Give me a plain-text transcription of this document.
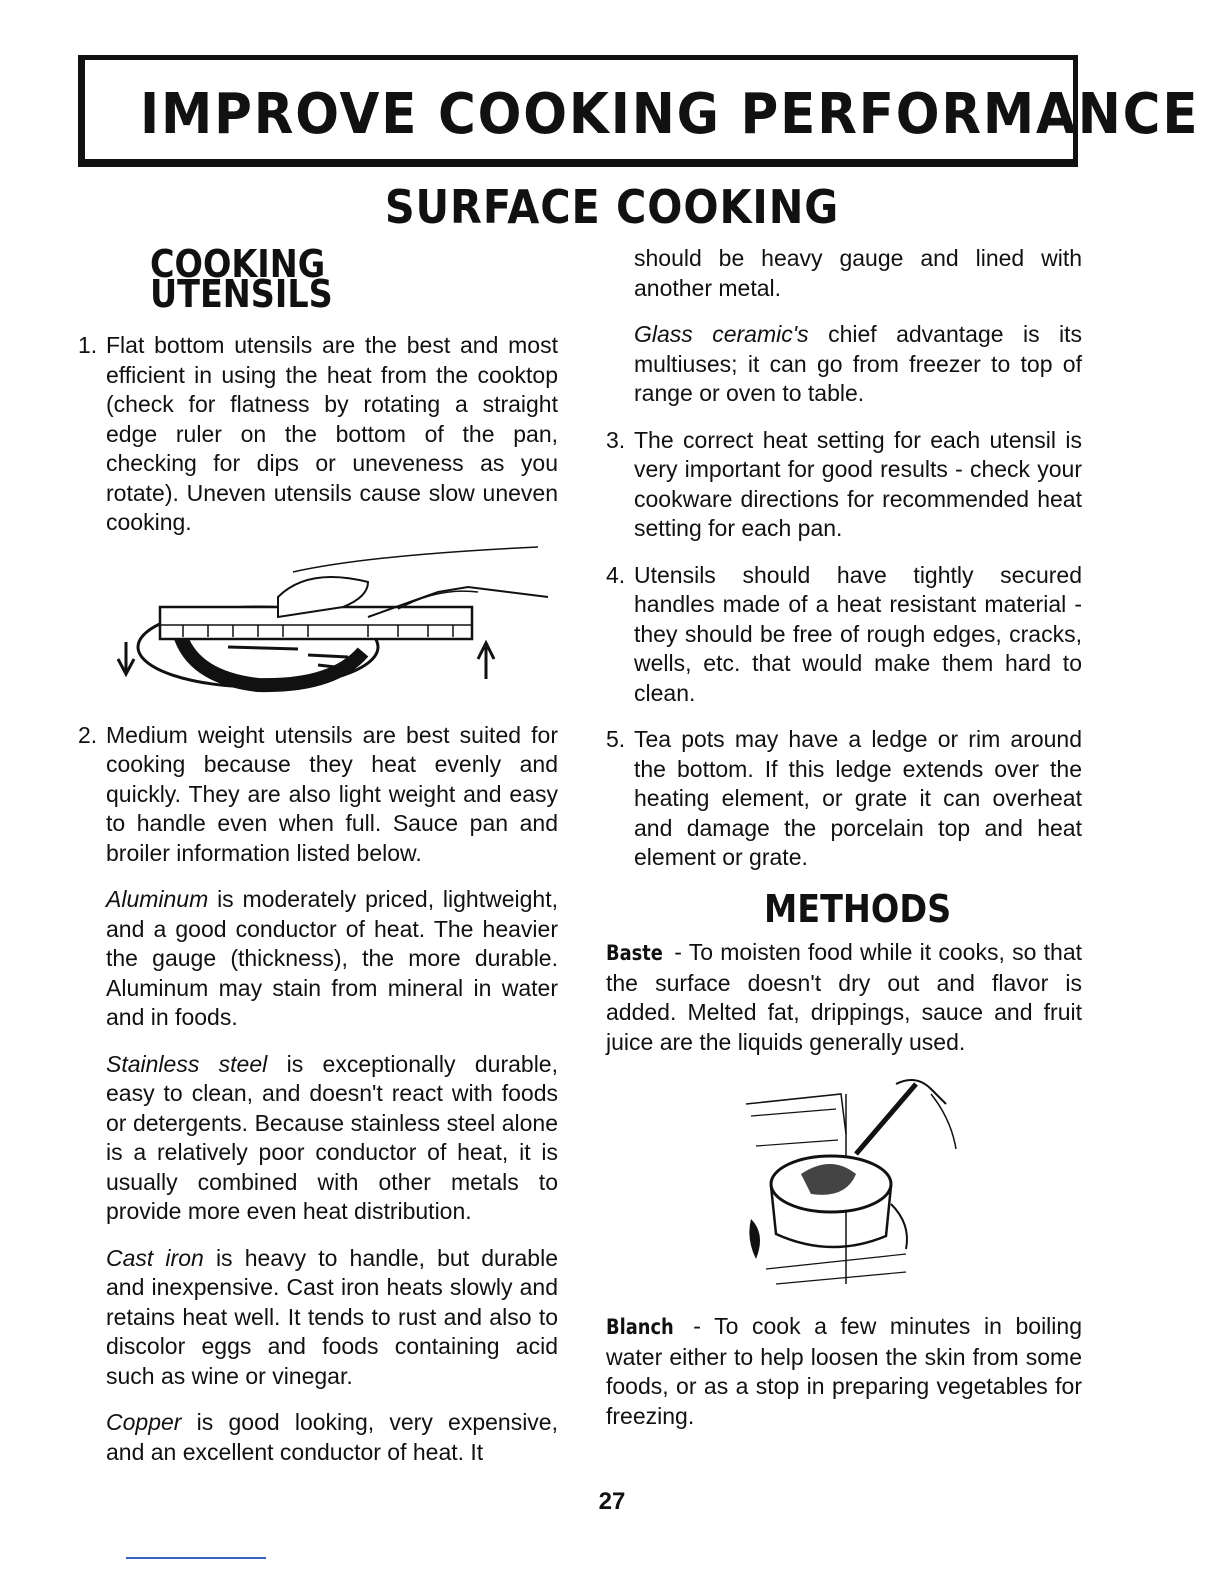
IMPROVE COOKING PERFORMANCE
SURFACE COOKING
COOKING UTENSILS

1. Flat bottom utensils are the best and most efficient in using the heat from the cooktop (check for flatness by rotating a straight edge ruler on the bottom of the pan, checking for dips or uneveness as you rotate). Uneven utensils cause slow uneven cooking.

2. Medium weight utensils are best suited for cooking because they heat evenly and quickly. They are also light weight and easy to handle even when full. Sauce pan and broiler information listed below.

Aluminum is moderately priced, lightweight, and a good conductor of heat. The heavier the gauge (thickness), the more durable. Aluminum may stain from mineral in water and in foods.

Stainless steel is exceptionally durable, easy to clean, and doesn't react with foods or detergents. Because stainless steel alone is a relatively poor conductor of heat, it is usually combined with other metals to provide more even heat distribution.

Cast iron is heavy to handle, but durable and inexpensive. Cast iron heats slowly and retains heat well. It tends to rust and also to discolor eggs and foods containing acid such as wine or vinegar.

Copper is good looking, very expensive, and an excellent conductor of heat. It

should be heavy gauge and lined with another metal.

Glass ceramic's chief advantage is its multiuses; it can go from freezer to top of range or oven to table.

3. The correct heat setting for each utensil is very important for good results - check your cookware directions for recommended heat setting for each pan.

4. Utensils should have tightly secured handles made of a heat resistant material - they should be free of rough edges, cracks, wells, etc. that would make them hard to clean.

5. Tea pots may have a ledge or rim around the bottom. If this ledge extends over the heating element, or grate it can overheat and damage the porcelain top and heat element or grate.

METHODS

Baste - To moisten food while it cooks, so that the surface doesn't dry out and flavor is added. Melted fat, drippings, sauce and fruit juice are the liquids generally used.

Blanch - To cook a few minutes in boiling water either to help loosen the skin from some foods, or as a stop in preparing vegetables for freezing.

27
